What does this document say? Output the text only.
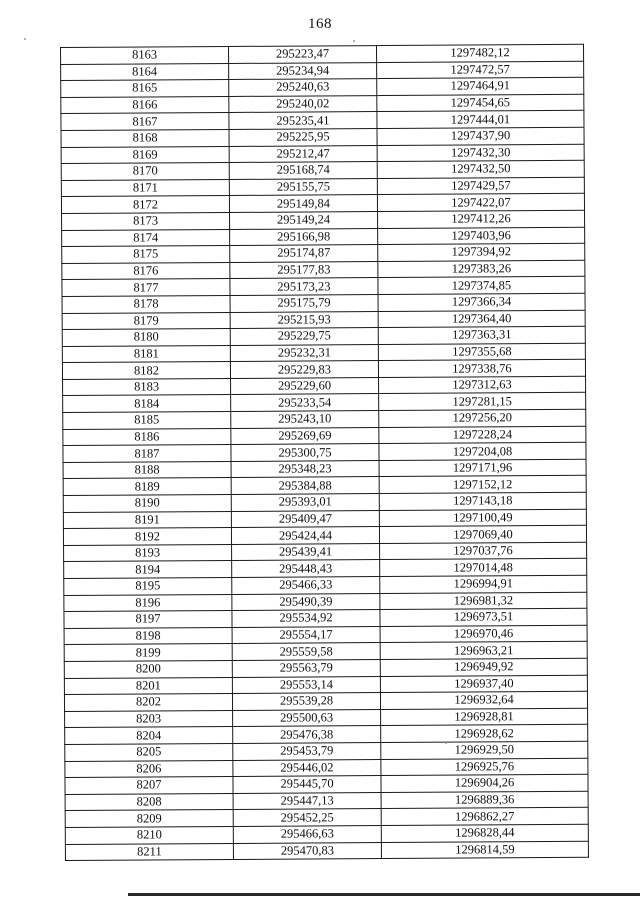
168
8163	295223,47	1297482,12
8164	295234,94	1297472,57
8165	295240,63	1297464,91
8166	295240,02	1297454,65
8167	295235,41	1297444,01
8168	295225,95	1297437,90
8169	295212,47	1297432,30
8170	295168,74	1297432,50
8171	295155,75	1297429,57
8172	295149,84	1297422,07
8173	295149,24	1297412,26
8174	295166,98	1297403,96
8175	295174,87	1297394,92
8176	295177,83	1297383,26
8177	295173,23	1297374,85
8178	295175,79	1297366,34
8179	295215,93	1297364,40
8180	295229,75	1297363,31
8181	295232,31	1297355,68
8182	295229,83	1297338,76
8183	295229,60	1297312,63
8184	295233,54	1297281,15
8185	295243,10	1297256,20
8186	295269,69	1297228,24
8187	295300,75	1297204,08
8188	295348,23	1297171,96
8189	295384,88	1297152,12
8190	295393,01	1297143,18
8191	295409,47	1297100,49
8192	295424,44	1297069,40
8193	295439,41	1297037,76
8194	295448,43	1297014,48
8195	295466,33	1296994,91
8196	295490,39	1296981,32
8197	295534,92	1296973,51
8198	295554,17	1296970,46
8199	295559,58	1296963,21
8200	295563,79	1296949,92
8201	295553,14	1296937,40
8202	295539,28	1296932,64
8203	295500,63	1296928,81
8204	295476,38	1296928,62
8205	295453,79	1296929,50
8206	295446,02	1296925,76
8207	295445,70	1296904,26
8208	295447,13	1296889,36
8209	295452,25	1296862,27
8210	295466,63	1296828,44
8211	295470,83	1296814,59
